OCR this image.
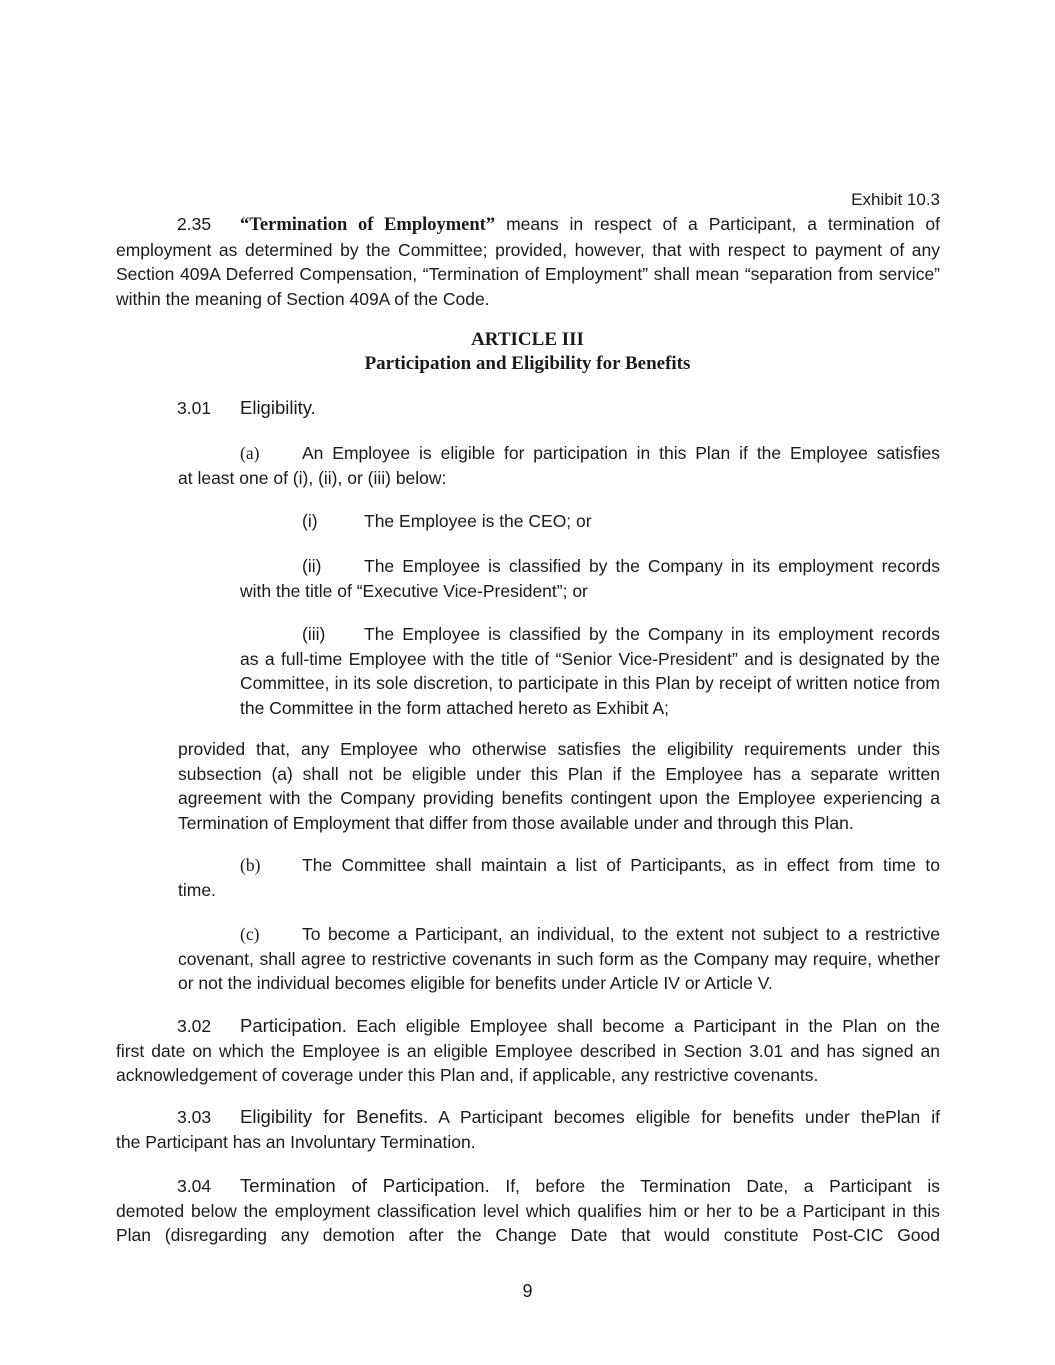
Exhibit 10.3
2.35 “Termination of Employment” means in respect of a Participant, a termination of
employment as determined by the Committee; provided, however, that with respect to payment of any Section 409A Deferred Compensation, “Termination of Employment” shall mean “separation from service” within the meaning of Section 409A of the Code.
ARTICLE III
Participation and Eligibility for Benefits
3.01 Eligibility.
(a) An Employee is eligible for participation in this Plan if the Employee satisfies
at least one of (i), (ii), or (iii) below:
(i)	The Employee is the CEO; or
(ii) The Employee is classified by the Company in its employment records
with the title of “Executive Vice-President”; or
(iii) The Employee is classified by the Company in its employment records
as a full-time Employee with the title of “Senior Vice-President” and is designated by the Committee, in its sole discretion, to participate in this Plan by receipt of written notice from the Committee in the form attached hereto as Exhibit A;
provided that, any Employee who otherwise satisfies the eligibility requirements under this subsection (a) shall not be eligible under this Plan if the Employee has a separate written agreement with the Company providing benefits contingent upon the Employee experiencing a Termination of Employment that differ from those available under and through this Plan.
(b) The Committee shall maintain a list of Participants, as in effect from time to
time.
(c) To become a Participant, an individual, to the extent not subject to a restrictive
covenant, shall agree to restrictive covenants in such form as the Company may require, whether or not the individual becomes eligible for benefits under Article IV or Article V.
3.02 Participation. Each eligible Employee shall become a Participant in the Plan on the
first date on which the Employee is an eligible Employee described in Section 3.01 and has signed an acknowledgement of coverage under this Plan and, if applicable, any restrictive covenants.
3.03 Eligibility for Benefits. A Participant becomes eligible for benefits under thePlan if
the Participant has an Involuntary Termination.
3.04 Termination of Participation. If, before the Termination Date, a Participant is
demoted below the employment classification level which qualifies him or her to be a Participant in this Plan (disregarding any demotion after the Change Date that would constitute Post-CIC Good
9
